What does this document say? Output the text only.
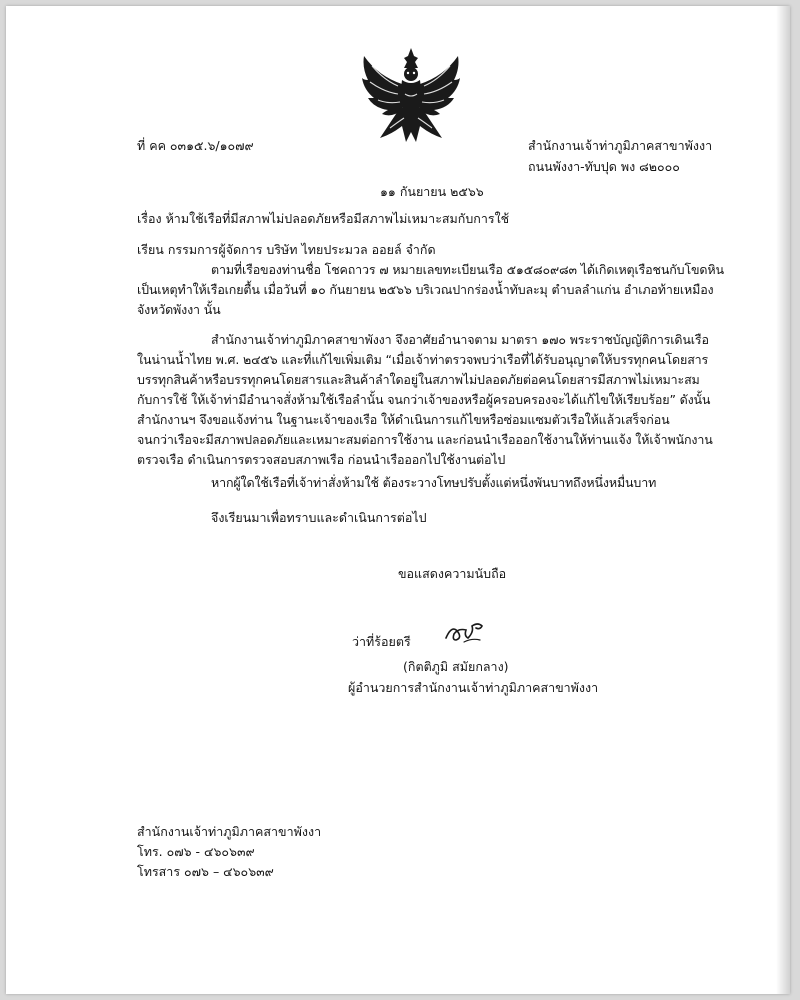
ที่ คค ๐๓๑๕.๖/๑๐๗๙	สำนักงานเจ้าท่าภูมิภาคสาขาพังงา
ถนนพังงา-ทับปุด พง ๘๒๐๐๐
๑๑ กันยายน ๒๕๖๖
เรื่อง ห้ามใช้เรือที่มีสภาพไม่ปลอดภัยหรือมีสภาพไม่เหมาะสมกับการใช้
เรียน กรรมการผู้จัดการ บริษัท ไทยประมวล ออยล์ จำกัด
ตามที่เรือของท่านชื่อ โชคถาวร ๗ หมายเลขทะเบียนเรือ ๕๑๕๘๐๙๘๓ ได้เกิดเหตุเรือชนกับโขดหิน
เป็นเหตุทำให้เรือเกยตื้น เมื่อวันที่ ๑๐ กันยายน ๒๕๖๖ บริเวณปากร่องน้ำทับละมุ ตำบลลำแก่น อำเภอท้ายเหมือง
จังหวัดพังงา นั้น
สำนักงานเจ้าท่าภูมิภาคสาขาพังงา จึงอาศัยอำนาจตาม มาตรา ๑๗๐ พระราชบัญญัติการเดินเรือ
ในน่านน้ำไทย พ.ศ. ๒๔๕๖ และที่แก้ไขเพิ่มเติม “เมื่อเจ้าท่าตรวจพบว่าเรือที่ได้รับอนุญาตให้บรรทุกคนโดยสาร
บรรทุกสินค้าหรือบรรทุกคนโดยสารและสินค้าลำใดอยู่ในสภาพไม่ปลอดภัยต่อคนโดยสารมีสภาพไม่เหมาะสม
กับการใช้ ให้เจ้าท่ามีอำนาจสั่งห้ามใช้เรือลำนั้น จนกว่าเจ้าของหรือผู้ครอบครองจะได้แก้ไขให้เรียบร้อย” ดังนั้น
สำนักงานฯ จึงขอแจ้งท่าน ในฐานะเจ้าของเรือ ให้ดำเนินการแก้ไขหรือซ่อมแซมตัวเรือให้แล้วเสร็จก่อน
จนกว่าเรือจะมีสภาพปลอดภัยและเหมาะสมต่อการใช้งาน และก่อนนำเรือออกใช้งานให้ท่านแจ้ง ให้เจ้าพนักงาน
ตรวจเรือ ดำเนินการตรวจสอบสภาพเรือ ก่อนนำเรือออกไปใช้งานต่อไป
หากผู้ใดใช้เรือที่เจ้าท่าสั่งห้ามใช้ ต้องระวางโทษปรับตั้งแต่หนึ่งพันบาทถึงหนึ่งหมื่นบาท
จึงเรียนมาเพื่อทราบและดำเนินการต่อไป
ขอแสดงความนับถือ
ว่าที่ร้อยตรี
(กิตติภูมิ สมัยกลาง)
ผู้อำนวยการสำนักงานเจ้าท่าภูมิภาคสาขาพังงา
สำนักงานเจ้าท่าภูมิภาคสาขาพังงา
โทร. ๐๗๖ - ๔๖๐๖๓๙
โทรสาร ๐๗๖ – ๔๖๐๖๓๙
